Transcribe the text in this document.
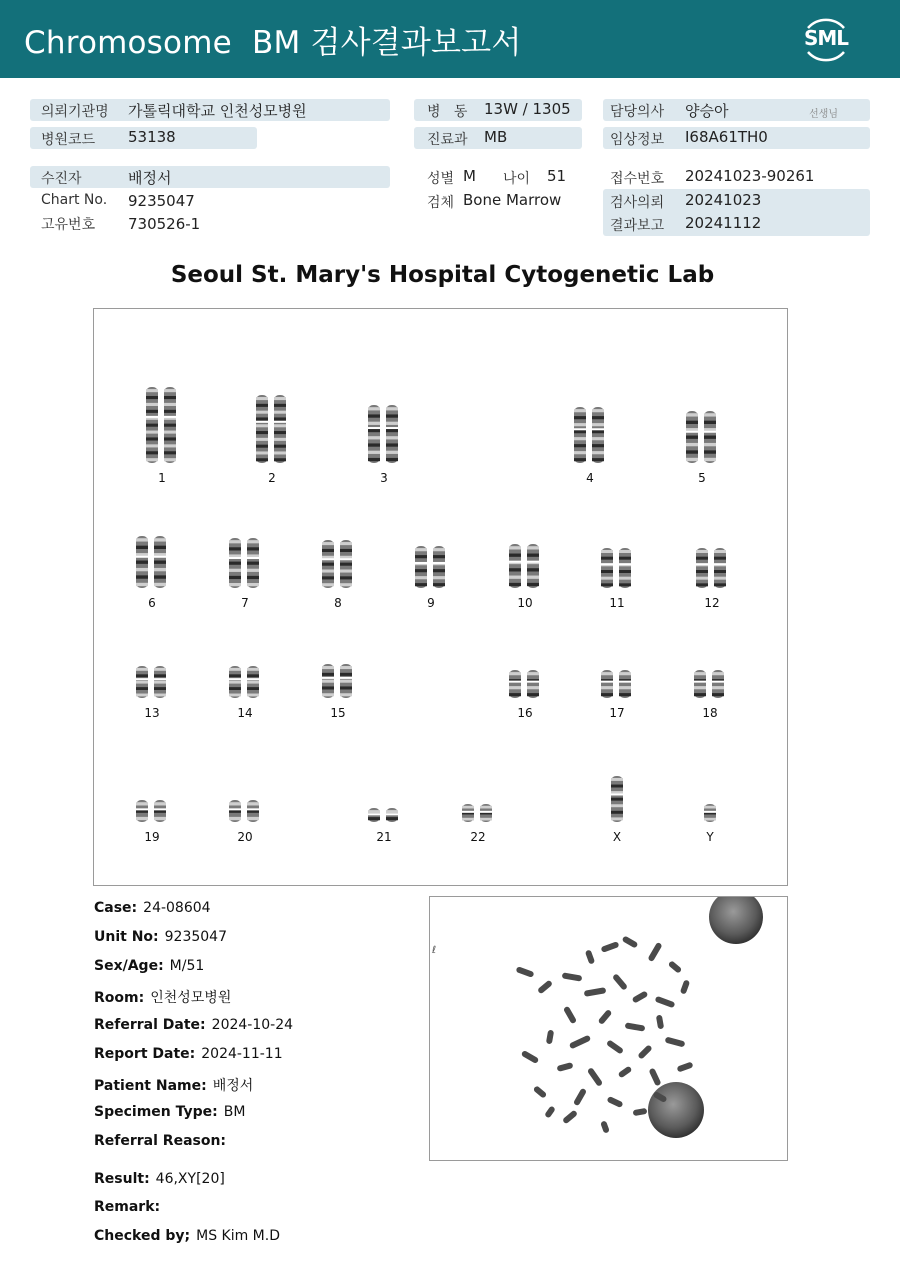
Chromosome  BM 검사결과보고서	SML
의뢰기관명 가톨릭대학교 인천성모병원
병원코드 53138
병   동 13W / 1305
진료과 MB
담당의사 양승아	선생님
임상정보 I68A61TH0
수진자	배정서
Chart No. 9235047
고유번호 730526-1
성별 M 나이 51
검체 Bone Marrow
접수번호 20241023-90261
검사의뢰 20241023
결과보고 20241112
Seoul St. Mary's Hospital Cytogenetic Lab
1	2	3	4	5
6	7	8	9	10	11	12
13	14	15	16	17	18
19	20	21	22	X	Y
ℓ
Case: 24-08604
Unit No: 9235047
Sex/Age: M/51
Room: 인천성모병원
Referral Date: 2024-10-24
Report Date: 2024-11-11
Patient Name: 배정서
Specimen Type: BM
Referral Reason:
Result: 46,XY[20]
Remark:
Checked by; MS Kim M.D
